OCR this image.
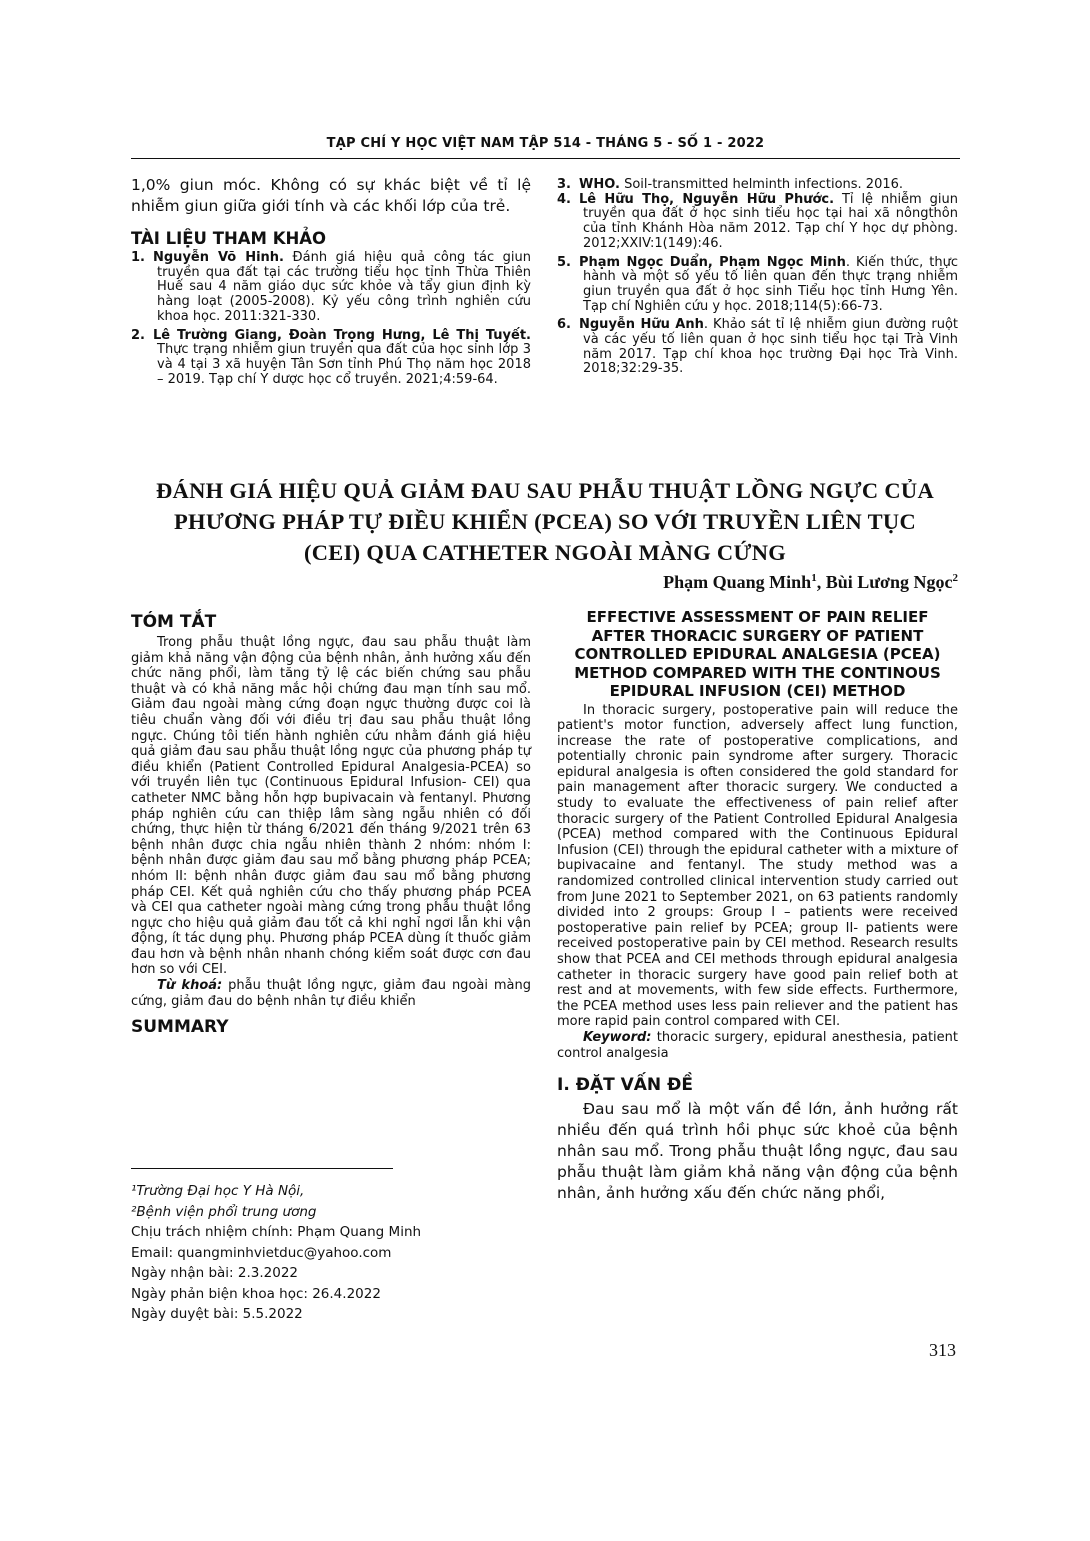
TẠP CHÍ Y HỌC VIỆT NAM TẬP 514 - THÁNG 5 - SỐ 1 - 2022

1,0% giun móc. Không có sự khác biệt về tỉ lệ nhiễm giun giữa giới tính và các khối lớp của trẻ.

TÀI LIỆU THAM KHẢO

1. Nguyễn Võ Hinh. Đánh giá hiệu quả công tác giun truyền qua đất tại các trường tiểu học tỉnh Thừa Thiên Huế sau 4 năm giáo dục sức khỏe và tẩy giun định kỳ hàng loạt (2005-2008). Kỷ yếu công trình nghiên cứu khoa học. 2011:321-330.
2. Lê Trường Giang, Đoàn Trọng Hưng, Lê Thị Tuyết. Thực trạng nhiễm giun truyền qua đất của học sinh lớp 3 và 4 tại 3 xã huyện Tân Sơn tỉnh Phú Thọ năm học 2018 – 2019. Tạp chí Y dược học cổ truyền. 2021;4:59-64.
3. WHO. Soil-transmitted helminth infections. 2016.
4. Lê Hữu Thọ, Nguyễn Hữu Phước. Tỉ lệ nhiễm giun truyền qua đất ở học sinh tiểu học tại hai xã nôngthôn của tỉnh Khánh Hòa năm 2012. Tạp chí Y học dự phòng. 2012;XXIV:1(149):46.
5. Phạm Ngọc Duẩn, Phạm Ngọc Minh. Kiến thức, thực hành và một số yếu tố liên quan đến thực trạng nhiễm giun truyền qua đất ở học sinh Tiểu học tỉnh Hưng Yên. Tạp chí Nghiên cứu y học. 2018;114(5):66-73.
6. Nguyễn Hữu Anh. Khảo sát tỉ lệ nhiễm giun đường ruột và các yếu tố liên quan ở học sinh tiểu học tại Trà Vinh năm 2017. Tạp chí khoa học trường Đại học Trà Vinh. 2018;32:29-35.
ĐÁNH GIÁ HIỆU QUẢ GIẢM ĐAU SAU PHẪU THUẬT LỒNG NGỰC CỦA
PHƯƠNG PHÁP TỰ ĐIỀU KHIỂN (PCEA) SO VỚI TRUYỀN LIÊN TỤC
(CEI) QUA CATHETER NGOÀI MÀNG CỨNG
Phạm Quang Minh$^1$, Bùi Lương Ngọc$^2$

TÓM TẮT

Trong phẫu thuật lồng ngực, đau sau phẫu thuật làm giảm khả năng vận động của bệnh nhân, ảnh hưởng xấu đến chức năng phổi, làm tăng tỷ lệ các biến chứng sau phẫu thuật và có khả năng mắc hội chứng đau mạn tính sau mổ. Giảm đau ngoài màng cứng đoạn ngực thường được coi là tiêu chuẩn vàng đối với điều trị đau sau phẫu thuật lồng ngực. Chúng tôi tiến hành nghiên cứu nhằm đánh giá hiệu quả giảm đau sau phẫu thuật lồng ngực của phương pháp tự điều khiển (Patient Controlled Epidural Analgesia-PCEA) so với truyền liên tục (Continuous Epidural Infusion- CEI) qua catheter NMC bằng hỗn hợp bupivacain và fentanyl. Phương pháp nghiên cứu can thiệp lâm sàng ngẫu nhiên có đối chứng, thực hiện từ tháng 6/2021 đến tháng 9/2021 trên 63 bệnh nhân được chia ngẫu nhiên thành 2 nhóm: nhóm I: bệnh nhân được giảm đau sau mổ bằng phương pháp PCEA; nhóm II: bệnh nhân được giảm đau sau mổ bằng phương pháp CEI. Kết quả nghiên cứu cho thấy phương pháp PCEA và CEI qua catheter ngoài màng cứng trong phẫu thuật lồng ngực cho hiệu quả giảm đau tốt cả khi nghỉ ngơi lẫn khi vận động, ít tác dụng phụ. Phương pháp PCEA dùng ít thuốc giảm đau hơn và bệnh nhân nhanh chóng kiểm soát được cơn đau hơn so với CEI.

Từ khoá: phẫu thuật lồng ngực, giảm đau ngoài màng cứng, giảm đau do bệnh nhân tự điều khiển

SUMMARY

¹Trường Đại học Y Hà Nội,

²Bệnh viện phổi trung ương

Chịu trách nhiệm chính: Phạm Quang Minh

Email: quangminhvietduc@yahoo.com

Ngày nhận bài: 2.3.2022

Ngày phản biện khoa học: 26.4.2022

Ngày duyệt bài: 5.5.2022

EFFECTIVE ASSESSMENT OF PAIN RELIEF AFTER THORACIC SURGERY OF PATIENT CONTROLLED EPIDURAL ANALGESIA (PCEA) METHOD COMPARED WITH THE CONTINOUS EPIDURAL INFUSION (CEI) METHOD

In thoracic surgery, postoperative pain will reduce the patient's motor function, adversely affect lung function, increase the rate of postoperative complications, and potentially chronic pain syndrome after surgery. Thoracic epidural analgesia is often considered the gold standard for pain management after thoracic surgery. We conducted a study to evaluate the effectiveness of pain relief after thoracic surgery of the Patient Controlled Epidural Analgesia (PCEA) method compared with the Continuous Epidural Infusion (CEI) through the epidural catheter with a mixture of bupivacaine and fentanyl. The study method was a randomized controlled clinical intervention study carried out from June 2021 to September 2021, on 63 patients randomly divided into 2 groups: Group I – patients were received postoperative pain relief by PCEA; group II- patients were received postoperative pain by CEI method. Research results show that PCEA and CEI methods through epidural analgesia catheter in thoracic surgery have good pain relief both at rest and at movements, with few side effects. Furthermore, the PCEA method uses less pain reliever and the patient has more rapid pain control compared with CEI.

Keyword: thoracic surgery, epidural anesthesia, patient control analgesia

I. ĐẶT VẤN ĐỀ

Đau sau mổ là một vấn đề lớn, ảnh hưởng rất nhiều đến quá trình hồi phục sức khoẻ của bệnh nhân sau mổ. Trong phẫu thuật lồng ngực, đau sau phẫu thuật làm giảm khả năng vận động của bệnh nhân, ảnh hưởng xấu đến chức năng phổi,

313
